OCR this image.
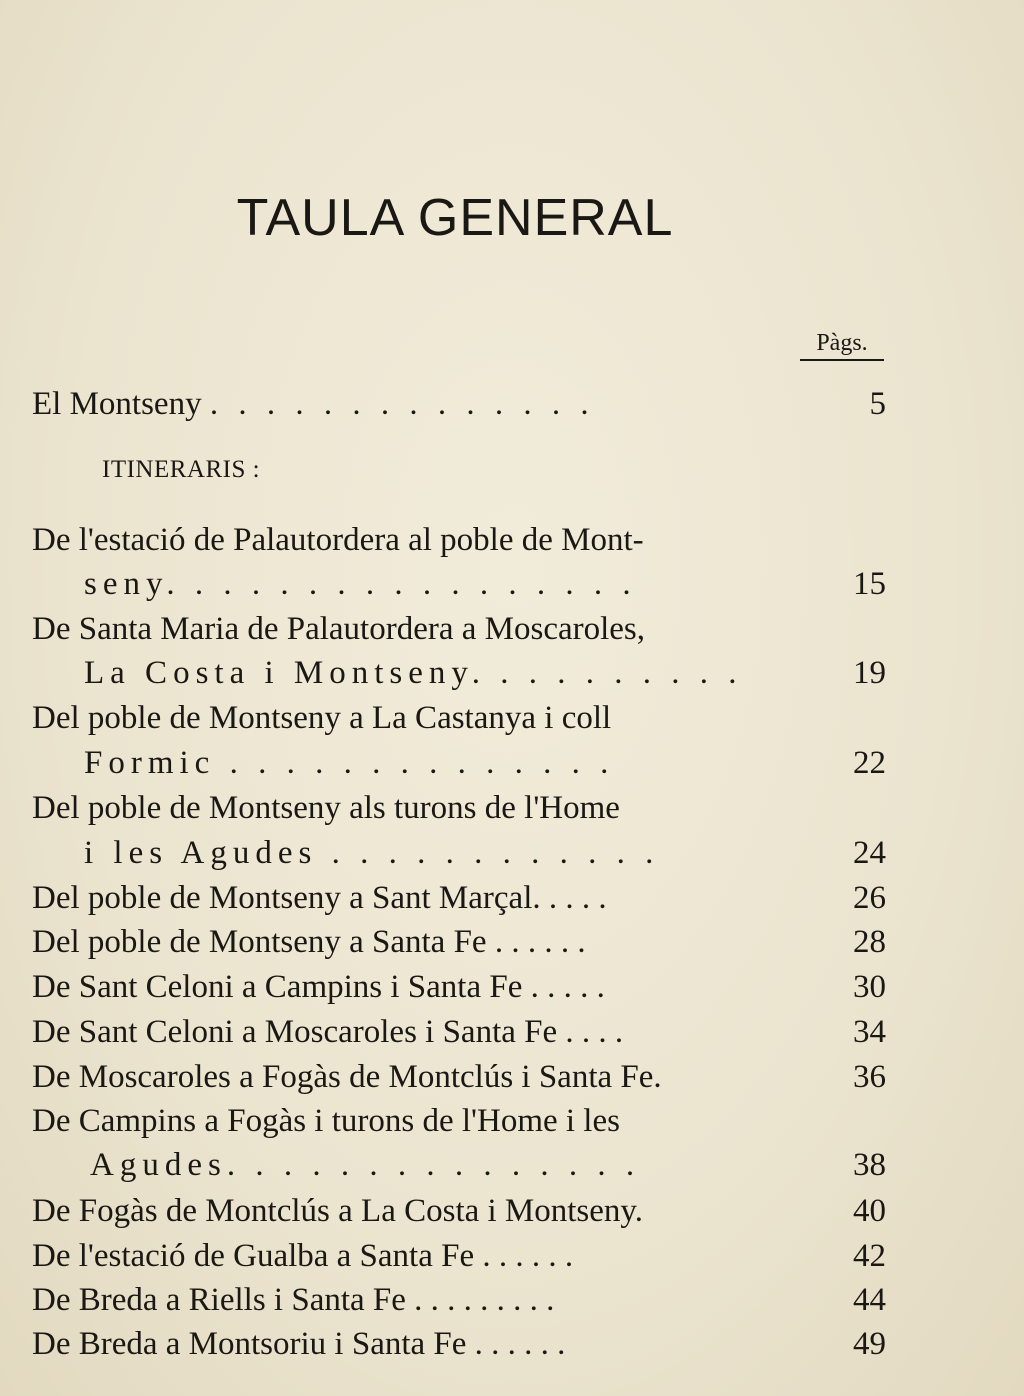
TAULA GENERAL
Pàgs.
ITINERARIS :
El Montseny . . . . . . . . . . . . . .	5
De l'estació de Palautordera al poble de Mont-
seny. . . . . . . . . . . . . . . . .	15
De Santa Maria de Palautordera a Moscaroles,
La Costa i Montseny. . . . . . . . . .	19
Del poble de Montseny a La Castanya i coll
Formic . . . . . . . . . . . . . .	22
Del poble de Montseny als turons de l'Home
i les Agudes . . . . . . . . . . . .	24
Del poble de Montseny a Sant Marçal. . . . .	26
Del poble de Montseny a Santa Fe . . . . . .	28
De Sant Celoni a Campins i Santa Fe . . . . .	30
De Sant Celoni a Moscaroles i Santa Fe . . . .	34
De Moscaroles a Fogàs de Montclús i Santa Fe.	36
De Campins a Fogàs i turons de l'Home i les
Agudes. . . . . . . . . . . . . . .	38
De Fogàs de Montclús a La Costa i Montseny.	40
De l'estació de Gualba a Santa Fe . . . . . .	42
De Breda a Riells i Santa Fe . . . . . . . . .	44
De Breda a Montsoriu i Santa Fe . . . . . .	49
